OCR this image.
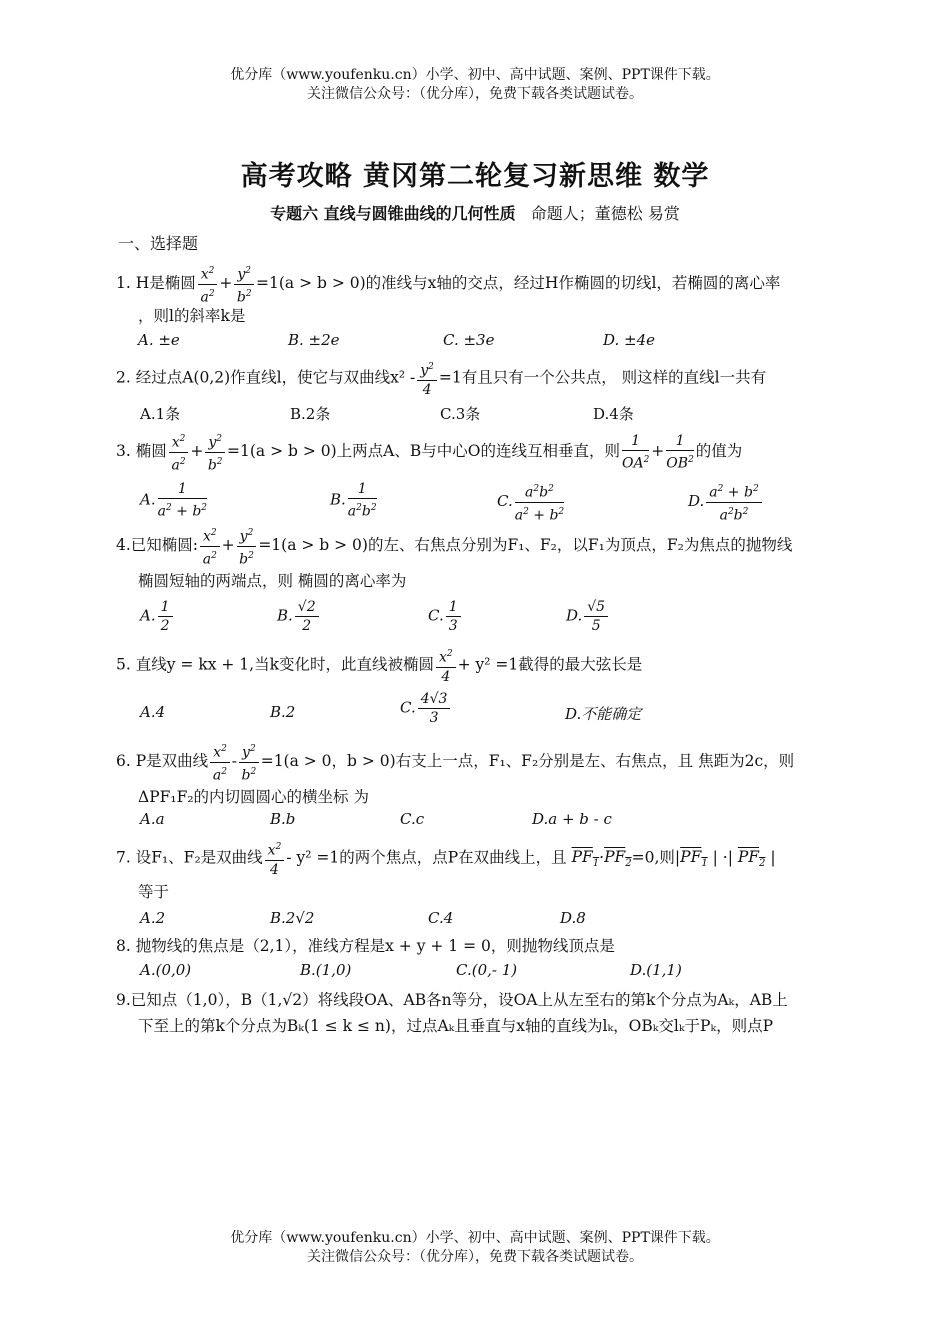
优分库（www.youfenku.cn）小学、初中、高中试题、案例、PPT课件下载。
关注微信公众号：（优分库），免费下载各类试题试卷。
高考攻略 黄冈第二轮复习新思维 数学
专题六 直线与圆锥曲线的几何性质 命题人；董德松 易赏
一、选择题
1. H是椭圆 $\frac{x^2}{a^2} + \frac{y^2}{b^2} =1(a > b > 0)$的准线与x轴的交点，经过H作椭圆的切线l，若椭圆的离心率
，则l的斜率k是
A. ±e	B. ±2e	C. ±3e	D. ±4e
2. 经过点A(0,2)作直线l，使它与双曲线$x^2 - \frac{y^2}{4} =1$有且只有一个公共点， 则这样的直线l一共有
A.1条	B.2条	C.3条	D.4条
3. 椭圆 $\frac{x^2}{a^2} + \frac{y^2}{b^2} =1(a > b > 0)$上两点A、B与中心O的连线互相垂直，则 $\frac{1}{OA^2} + \frac{1}{OB^2}$ 的值为
A. $\frac{1}{a^2 + b^2}$	B. $\frac{1}{a^2b^2}$	C. $\frac{a^2b^2}{a^2 + b^2}$	D. $\frac{a^2 + b^2}{a^2b^2}$
4.已知椭圆: $\frac{x^2}{a^2} + \frac{y^2}{b^2} =1(a > b > 0)$的左、右焦点分别为F₁、F₂，以F₁为顶点，F₂为焦点的抛物线
椭圆短轴的两端点，则 椭圆的离心率为
A. $\frac{1}{2}$	B. $\frac{√2}{2}$	C. $\frac{1}{3}$	D. $\frac{√5}{5}$
5. 直线y = kx + 1,当k变化时，此直线被椭圆 $\frac{x^2}{4} + y^2 =1$截得的最大弦长是
A.4	B.2	C. $\frac{4√3}{3}$	D.不能确定
6. P是双曲线 $\frac{x^2}{a^2} - \frac{y^2}{b^2} =1(a > 0$，b > 0)右支上一点，F₁、F₂分别是左、右焦点，且 焦距为2c，则
ΔPF₁F₂的内切圆圆心的横坐标 为
A.a	B.b	C.c	D.a + b - c
7. 设F₁、F₂是双曲线 $\frac{x^2}{4} - y^2 =1$的两个焦点，点P在双曲线上，且 $PF_1\cdot PF_2=0$,则$|PF_1$ | ·| $PF_2$ |
等于
A.2	B.2√2	C.4	D.8
8. 抛物线的焦点是（2,1），准线方程是x + y + 1 = 0，则抛物线顶点是
A.(0,0)	B.(1,0)	C.(0,- 1)	D.(1,1)
9.已知点（1,0），B（1,√2）将线段OA、AB各n等分，设OA上从左至右的第k个分点为Aₖ，AB上
下至上的第k个分点为Bₖ(1 ≤ k ≤ n)，过点Aₖ且垂直与x轴的直线为lₖ，OBₖ交lₖ于Pₖ，则点P
优分库（www.youfenku.cn）小学、初中、高中试题、案例、PPT课件下载。
关注微信公众号：（优分库），免费下载各类试题试卷。
